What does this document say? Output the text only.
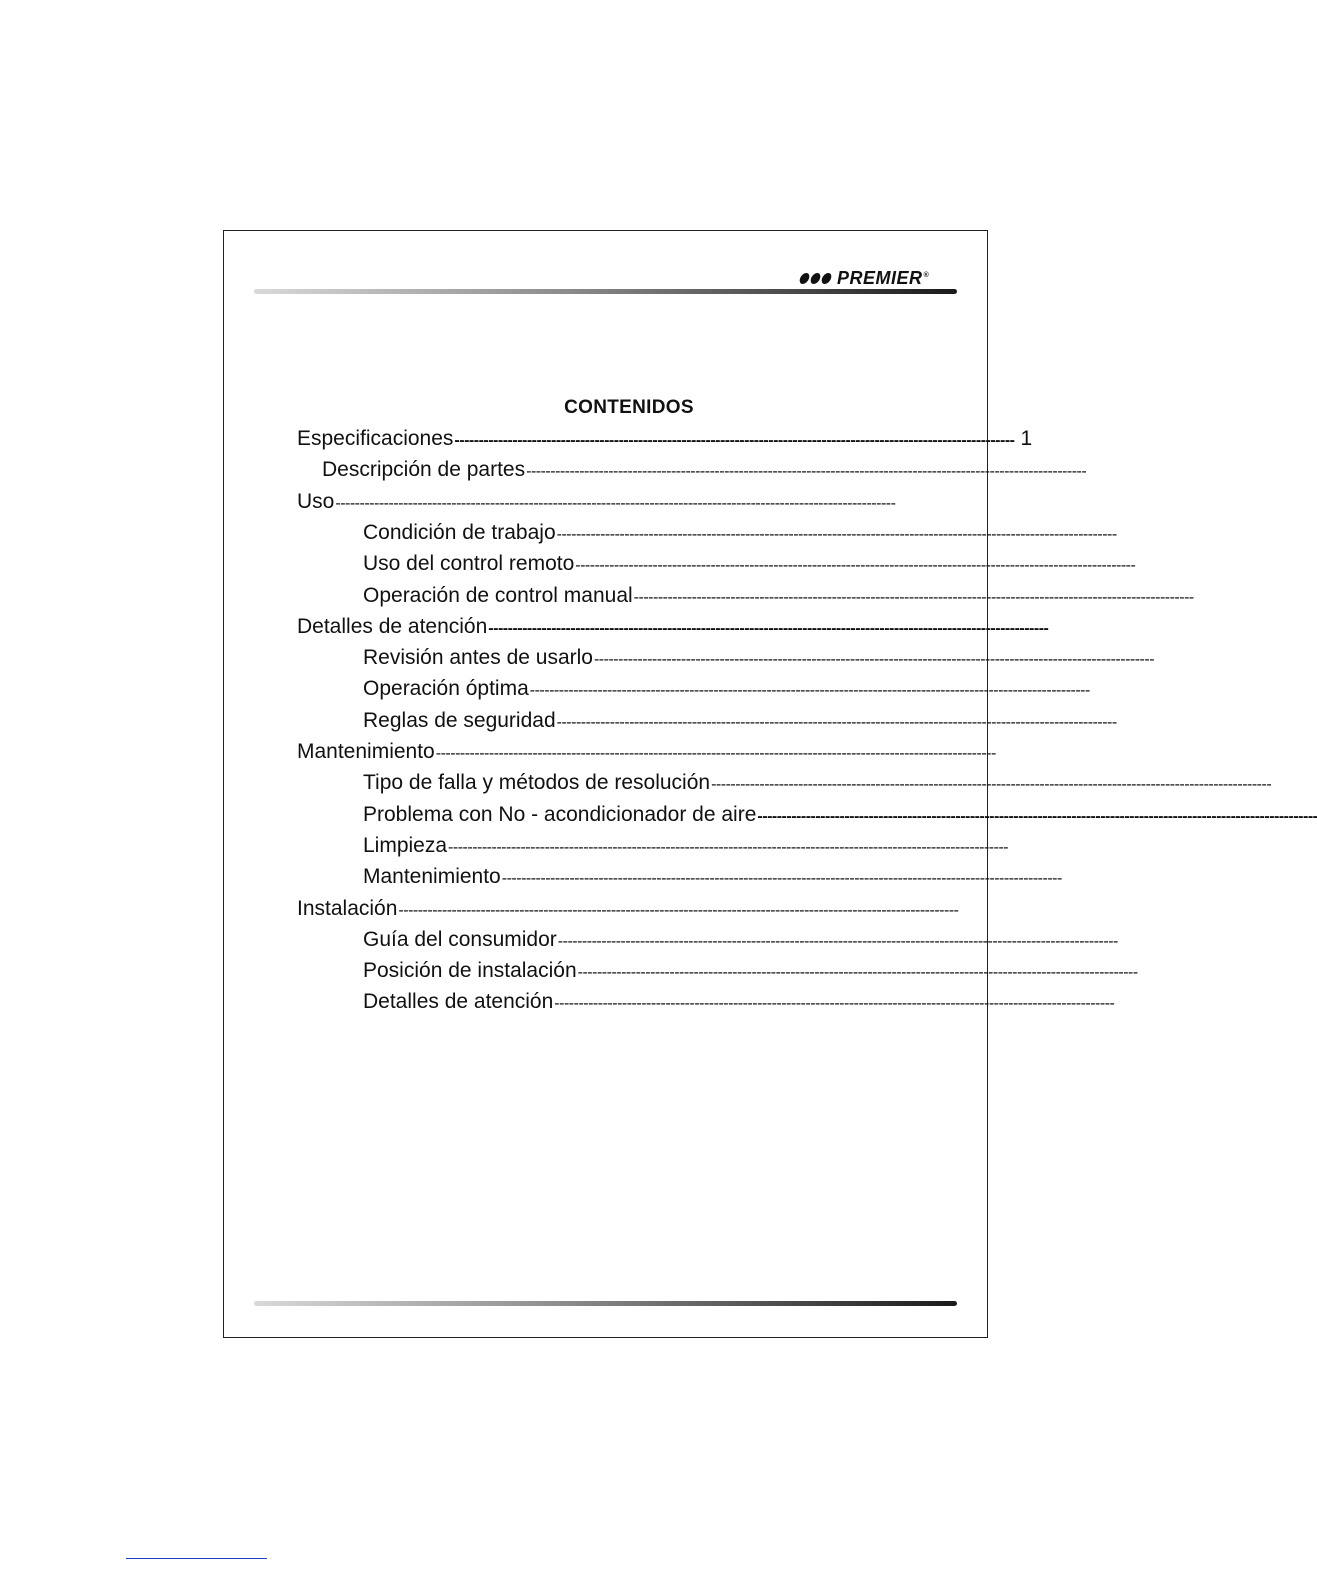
PREMIER®
CONTENIDOS
Especificaciones -------------------------------------------------------------------------------------------------------------------- 1
Descripción de partes --------------------------------------------------------------------------------------------------------------------
Uso --------------------------------------------------------------------------------------------------------------------
Condición de trabajo --------------------------------------------------------------------------------------------------------------------
Uso del control remoto --------------------------------------------------------------------------------------------------------------------
Operación de control manual --------------------------------------------------------------------------------------------------------------------
Detalles de atención --------------------------------------------------------------------------------------------------------------------
Revisión antes de usarlo --------------------------------------------------------------------------------------------------------------------
Operación óptima --------------------------------------------------------------------------------------------------------------------
Reglas de seguridad --------------------------------------------------------------------------------------------------------------------
Mantenimiento --------------------------------------------------------------------------------------------------------------------
Tipo de falla y métodos de resolución --------------------------------------------------------------------------------------------------------------------
Problema con No - acondicionador de aire --------------------------------------------------------------------------------------------------------------------
Limpieza --------------------------------------------------------------------------------------------------------------------
Mantenimiento --------------------------------------------------------------------------------------------------------------------
Instalación --------------------------------------------------------------------------------------------------------------------
Guía del consumidor --------------------------------------------------------------------------------------------------------------------
Posición de instalación --------------------------------------------------------------------------------------------------------------------
Detalles de atención --------------------------------------------------------------------------------------------------------------------
